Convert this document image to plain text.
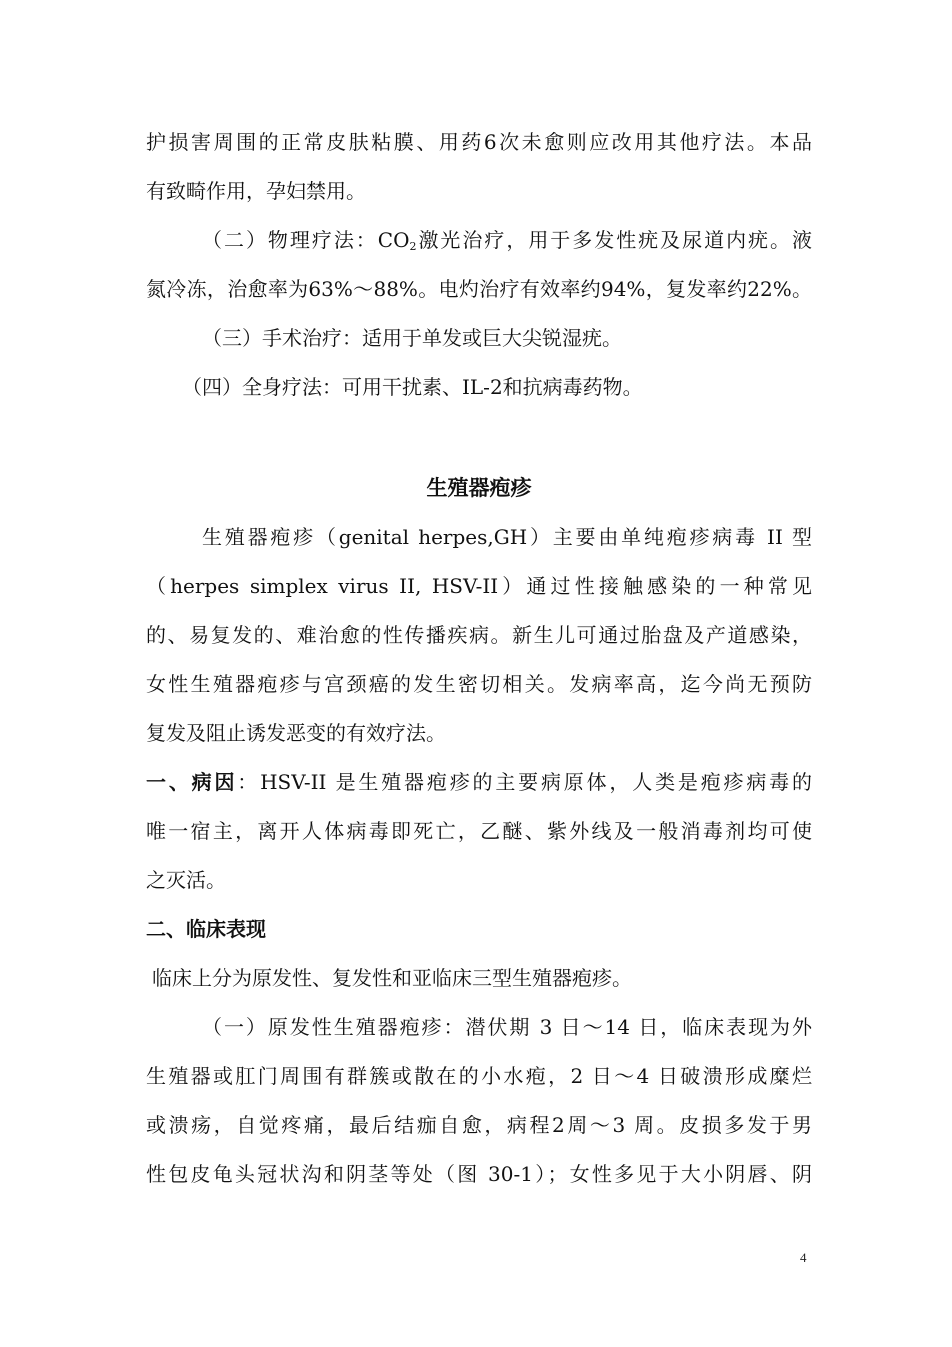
护损害周围的正常皮肤粘膜、用药6次未愈则应改用其他疗法。本品
有致畸作用，孕妇禁用。
（二）物理疗法：$CO_2$激光治疗，用于多发性疣及尿道内疣。液
氮冷冻，治愈率为63%～88%。电灼治疗有效率约94%，复发率约22%。
（三）手术治疗：适用于单发或巨大尖锐湿疣。
（四）全身疗法：可用干扰素、IL-2和抗病毒药物。
生殖器疱疹
生殖器疱疹（genital herpes,GH）主要由单纯疱疹病毒 II 型
（herpes simplex virus II, HSV-II）通过性接触感染的一种常见
的、易复发的、难治愈的性传播疾病。新生儿可通过胎盘及产道感染，
女性生殖器疱疹与宫颈癌的发生密切相关。发病率高，迄今尚无预防
复发及阻止诱发恶变的有效疗法。
一、病因：HSV-II 是生殖器疱疹的主要病原体，人类是疱疹病毒的
唯一宿主，离开人体病毒即死亡，乙醚、紫外线及一般消毒剂均可使
之灭活。
二、临床表现
临床上分为原发性、复发性和亚临床三型生殖器疱疹。
（一）原发性生殖器疱疹：潜伏期 3 日～14 日，临床表现为外
生殖器或肛门周围有群簇或散在的小水疱，2 日～4 日破溃形成糜烂
或溃疡，自觉疼痛，最后结痂自愈，病程2周～3 周。皮损多发于男
性包皮龟头冠状沟和阴茎等处（图 30-1）；女性多见于大小阴唇、阴
4
